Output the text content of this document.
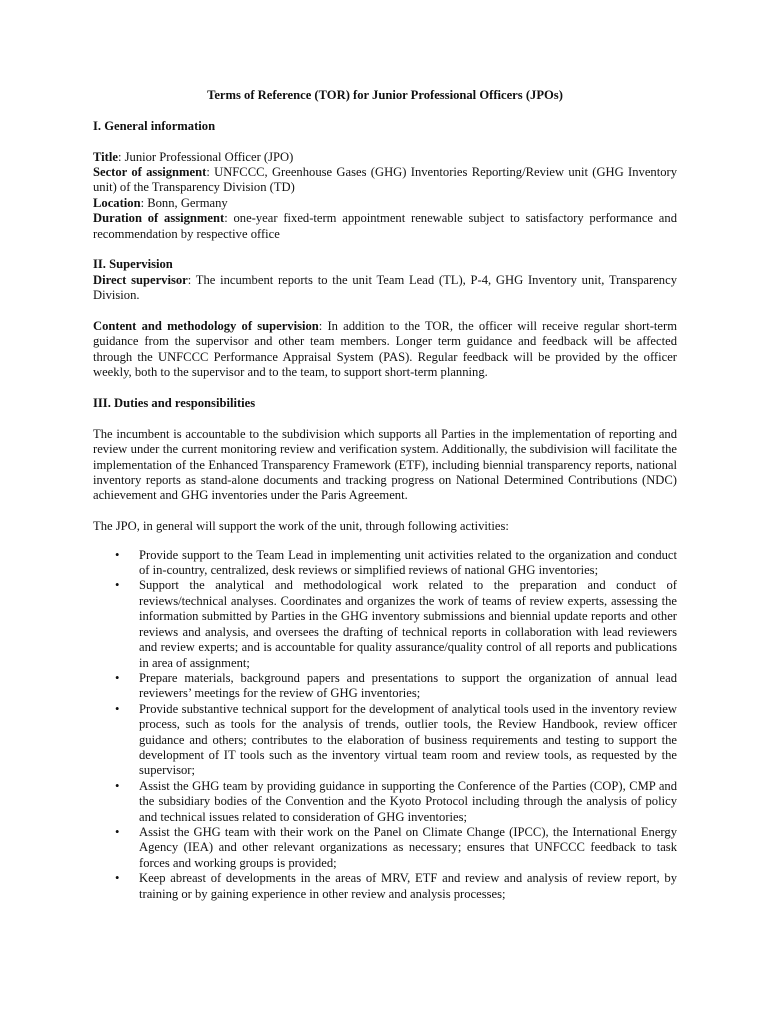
Terms of Reference (TOR) for Junior Professional Officers (JPOs)

I. General information

Title: Junior Professional Officer (JPO)

Sector of assignment: UNFCCC, Greenhouse Gases (GHG) Inventories Reporting/Review unit (GHG Inventory unit) of the Transparency Division (TD)

Location: Bonn, Germany

Duration of assignment: one-year fixed-term appointment renewable subject to satisfactory performance and recommendation by respective office

II. Supervision

Direct supervisor: The incumbent reports to the unit Team Lead (TL), P-4, GHG Inventory unit, Transparency Division.

Content and methodology of supervision: In addition to the TOR, the officer will receive regular short-term guidance from the supervisor and other team members. Longer term guidance and feedback will be affected through the UNFCCC Performance Appraisal System (PAS). Regular feedback will be provided by the officer weekly, both to the supervisor and to the team, to support short-term planning.

III. Duties and responsibilities

The incumbent is accountable to the subdivision which supports all Parties in the implementation of reporting and review under the current monitoring review and verification system. Additionally, the subdivision will facilitate the implementation of the Enhanced Transparency Framework (ETF), including biennial transparency reports, national inventory reports as stand-alone documents and tracking progress on National Determined Contributions (NDC) achievement and GHG inventories under the Paris Agreement.

The JPO, in general will support the work of the unit, through following activities:

• Provide support to the Team Lead in implementing unit activities related to the organization and conduct of in-country, centralized, desk reviews or simplified reviews of national GHG inventories;
• Support the analytical and methodological work related to the preparation and conduct of reviews/technical analyses. Coordinates and organizes the work of teams of review experts, assessing the information submitted by Parties in the GHG inventory submissions and biennial update reports and other reviews and analysis, and oversees the drafting of technical reports in collaboration with lead reviewers and review experts; and is accountable for quality assurance/quality control of all reports and publications in area of assignment;
• Prepare materials, background papers and presentations to support the organization of annual lead reviewers’ meetings for the review of GHG inventories;
• Provide substantive technical support for the development of analytical tools used in the inventory review process, such as tools for the analysis of trends, outlier tools, the Review Handbook, review officer guidance and others; contributes to the elaboration of business requirements and testing to support the development of IT tools such as the inventory virtual team room and review tools, as requested by the supervisor;
• Assist the GHG team by providing guidance in supporting the Conference of the Parties (COP), CMP and the subsidiary bodies of the Convention and the Kyoto Protocol including through the analysis of policy and technical issues related to consideration of GHG inventories;
• Assist the GHG team with their work on the Panel on Climate Change (IPCC), the International Energy Agency (IEA) and other relevant organizations as necessary; ensures that UNFCCC feedback to task forces and working groups is provided;
• Keep abreast of developments in the areas of MRV, ETF and review and analysis of review report, by training or by gaining experience in other review and analysis processes;
